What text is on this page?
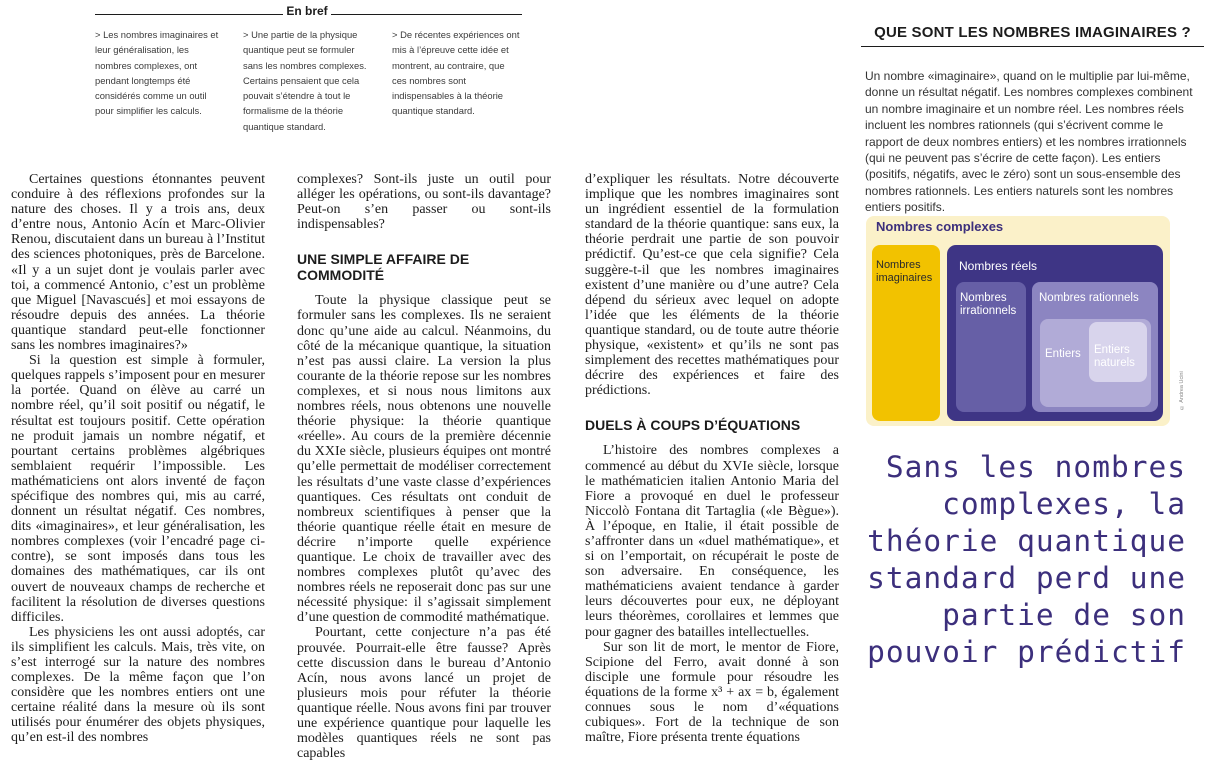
En bref
> Les nombres imaginaires et leur généralisation, les nombres complexes, ont pendant longtemps été considérés comme un outil pour simplifier les calculs.
> Une partie de la physique quantique peut se formuler sans les nombres complexes. Certains pensaient que cela pouvait s’étendre à tout le formalisme de la théorie quantique standard.
> De récentes expériences ont mis à l’épreuve cette idée et montrent, au contraire, que ces nombres sont indispensables à la théorie quantique standard.

Certaines questions étonnantes peuvent conduire à des réflexions profondes sur la nature des choses. Il y a trois ans, deux d’entre nous, Antonio Acín et Marc-Olivier Renou, discutaient dans un bureau à l’Institut des sciences photoniques, près de Barcelone. «Il y a un sujet dont je voulais parler avec toi, a commencé Antonio, c’est un problème que Miguel [Navascués] et moi essayons de résoudre depuis des années. La théorie quantique standard peut-elle fonctionner sans les nombres imaginaires?»

Si la question est simple à formuler, quelques rappels s’imposent pour en mesurer la portée. Quand on élève au carré un nombre réel, qu’il soit positif ou négatif, le résultat est toujours positif. Cette opération ne produit jamais un nombre négatif, et pourtant certains problèmes algébriques semblaient requérir l’impossible. Les mathématiciens ont alors inventé de façon spécifique des nombres qui, mis au carré, donnent un résultat négatif. Ces nombres, dits «imaginaires», et leur généralisation, les nombres complexes (voir l’encadré page ci-contre), se sont imposés dans tous les domaines des mathématiques, car ils ont ouvert de nouveaux champs de recherche et facilitent la résolution de diverses questions difficiles.

Les physiciens les ont aussi adoptés, car ils simplifient les calculs. Mais, très vite, on s’est interrogé sur la nature des nombres complexes. De la même façon que l’on considère que les nombres entiers ont une certaine réalité dans la mesure où ils sont utilisés pour énumérer des objets physiques, qu’en est-il des nombres

complexes? Sont-ils juste un outil pour alléger les opérations, ou sont-ils davantage? Peut-on s’en passer ou sont-ils indispensables?

UNE SIMPLE AFFAIRE DE COMMODITÉ

Toute la physique classique peut se formuler sans les complexes. Ils ne seraient donc qu’une aide au calcul. Néanmoins, du côté de la mécanique quantique, la situation n’est pas aussi claire. La version la plus courante de la théorie repose sur les nombres complexes, et si nous nous limitons aux nombres réels, nous obtenons une nouvelle théorie physique: la théorie quantique «réelle». Au cours de la première décennie du XXIe siècle, plusieurs équipes ont montré qu’elle permettait de modéliser correctement les résultats d’une vaste classe d’expériences quantiques. Ces résultats ont conduit de nombreux scientifiques à penser que la théorie quantique réelle était en mesure de décrire n’importe quelle expérience quantique. Le choix de travailler avec des nombres complexes plutôt qu’avec des nombres réels ne reposerait donc pas sur une nécessité physique: il s’agissait simplement d’une question de commodité mathématique.

Pourtant, cette conjecture n’a pas été prouvée. Pourrait-elle être fausse? Après cette discussion dans le bureau d’Antonio Acín, nous avons lancé un projet de plusieurs mois pour réfuter la théorie quantique réelle. Nous avons fini par trouver une expérience quantique pour laquelle les modèles quantiques réels ne sont pas capables

d’expliquer les résultats. Notre découverte implique que les nombres imaginaires sont un ingrédient essentiel de la formulation standard de la théorie quantique: sans eux, la théorie perdrait une partie de son pouvoir prédictif. Qu’est-ce que cela signifie? Cela suggère-t-il que les nombres imaginaires existent d’une manière ou d’une autre? Cela dépend du sérieux avec lequel on adopte l’idée que les éléments de la théorie quantique standard, ou de toute autre théorie physique, «existent» et qu’ils ne sont pas simplement des recettes mathématiques pour décrire des expériences et faire des prédictions.

DUELS À COUPS D’ÉQUATIONS

L’histoire des nombres complexes a commencé au début du XVIe siècle, lorsque le mathématicien italien Antonio Maria del Fiore a provoqué en duel le professeur Niccolò Fontana dit Tartaglia («le Bègue»). À l’époque, en Italie, il était possible de s’affronter dans un «duel mathématique», et si on l’emportait, on récupérait le poste de son adversaire. En conséquence, les mathématiciens avaient tendance à garder leurs découvertes pour eux, ne déployant leurs théorèmes, corollaires et lemmes que pour gagner des batailles intellectuelles.

Sur son lit de mort, le mentor de Fiore, Scipione del Ferro, avait donné à son disciple une formule pour résoudre les équations de la forme x³ + ax = b, également connues sous le nom d’«équations cubiques». Fort de la technique de son maître, Fiore présenta trente équations

QUE SONT LES NOMBRES IMAGINAIRES ?
Un nombre «imaginaire», quand on le multiplie par lui-même, donne un résultat négatif. Les nombres complexes combinent un nombre imaginaire et un nombre réel. Les nombres réels incluent les nombres rationnels (qui s’écrivent comme le rapport de deux nombres entiers) et les nombres irrationnels (qui ne peuvent pas s’écrire de cette façon). Les entiers (positifs, négatifs, avec le zéro) sont un sous-ensemble des nombres rationnels. Les entiers naturels sont les nombres entiers positifs.
Nombres complexes
Nombres imaginaires
Nombres réels
Nombres irrationnels
Nombres rationnels
Entiers Entiers naturels
© Andrea Ucini
Sans les nombres complexes, la théorie quantique standard perd une partie de son pouvoir prédictif
